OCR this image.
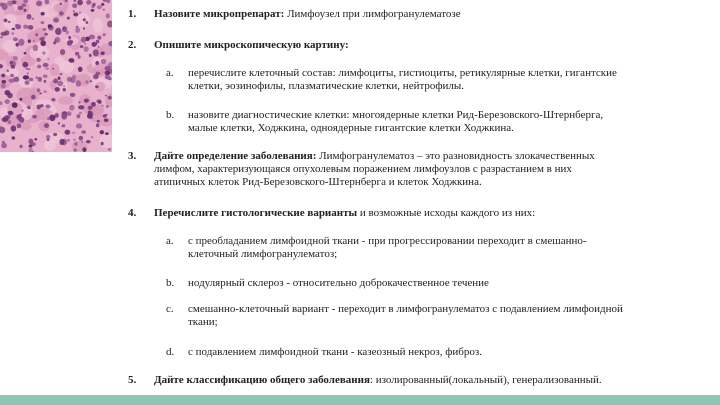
1.	Назовите микропрепарат: Лимфоузел при лимфогранулематозе
2.	Опишите микроскопическую картину:
a. перечислите клеточный состав: лимфоциты, гистиоциты, ретикулярные клетки, гигантские
клетки, эозинофилы, плазматические клетки, нейтрофилы.
b. назовите диагностические клетки: многоядерные клетки Рид-Березовского-Штернберга,
малые клетки, Ходжкина, одноядерные гигантские клетки Ходжкина.
3.	Дайте определение заболевания: Лимфогранулематоз – это разновидность злокачественных
лимфом, характеризующаяся опухолевым поражением лимфоузлов с разрастанием в них
атипичных клеток Рид-Березовского-Штернберга и клеток Ходжкина.
4.	Перечислите гистологические варианты и возможные исходы каждого из них:
a. с преобладанием лимфоидной ткани - при прогрессировании переходит в смешанно-
клеточный лимфогранулематоз;
b. нодулярный склероз - относительно доброкачественное течение
c. смешанно-клеточный вариант - переходит в лимфогранулематоз с подавлением лимфоидной
ткани;
d. с подавлением лимфоидной ткани - казеозный некроз, фиброз.
5.	Дайте классификацию общего заболевания: изолированный(локальный), генерализованный.
